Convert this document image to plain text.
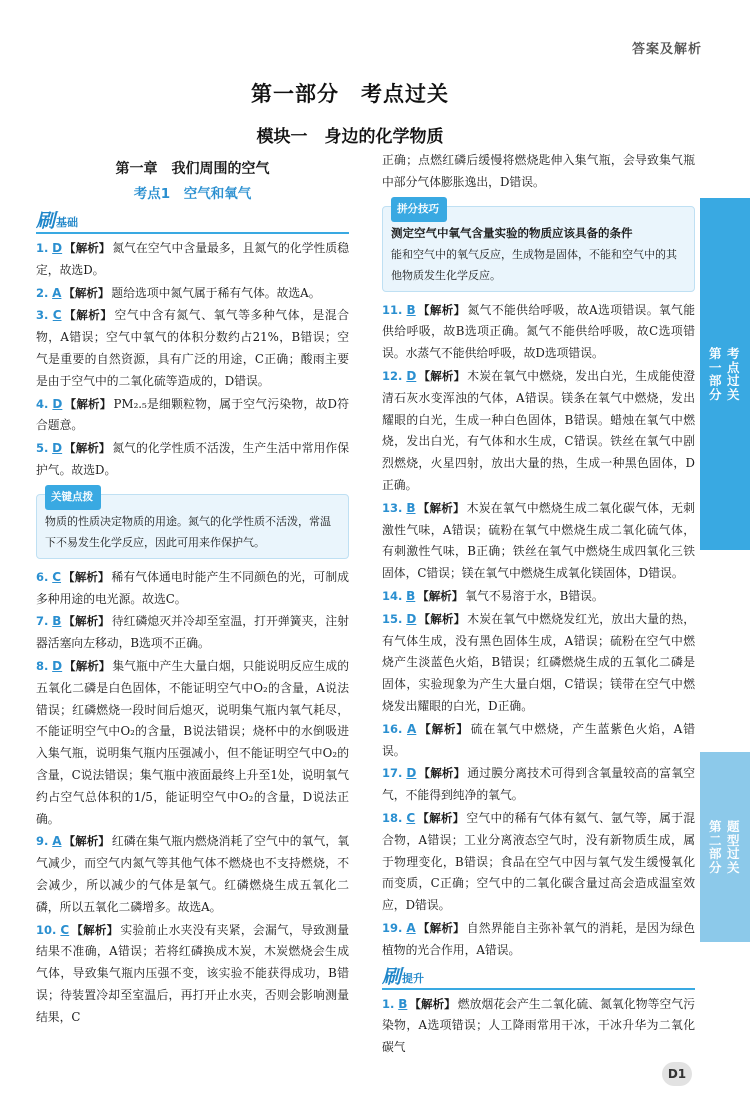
答案及解析
第
一
部
分
考
点
过
关
第
二
部
分
题
型
过
关
第一部分　考点过关
模块一　身边的化学物质
第一章　我们周围的空气
考点1　空气和氧气
刷 基础
1. D 【解析】 氮气在空气中含量最多，且氮气的化学性质稳定，故选D。
2. A 【解析】 题给选项中氮气属于稀有气体。故选A。
3. C 【解析】 空气中含有氮气、氧气等多种气体，是混合物，A错误；空气中氧气的体积分数约占21%，B错误；空气是重要的自然资源，具有广泛的用途，C正确；酸雨主要是由于空气中的二氧化硫等造成的，D错误。
4. D 【解析】 PM₂.₅是细颗粒物，属于空气污染物，故D符合题意。
5. D 【解析】 氮气的化学性质不活泼，生产生活中常用作保护气。故选D。
关键点拨
物质的性质决定物质的用途。氮气的化学性质不活泼，常温下不易发生化学反应，因此可用来作保护气。
6. C 【解析】 稀有气体通电时能产生不同颜色的光，可制成多种用途的电光源。故选C。
7. B 【解析】 待红磷熄灭并冷却至室温，打开弹簧夹，注射器活塞向左移动，B选项不正确。
8. D 【解析】 集气瓶中产生大量白烟，只能说明反应生成的五氧化二磷是白色固体，不能证明空气中O₂的含量，A说法错误；红磷燃烧一段时间后熄灭，说明集气瓶内氧气耗尽，不能证明空气中O₂的含量，B说法错误；烧杯中的水倒吸进入集气瓶，说明集气瓶内压强减小，但不能证明空气中O₂的含量，C说法错误；集气瓶中液面最终上升至1处，说明氧气约占空气总体积的1/5，能证明空气中O₂的含量，D说法正确。
9. A 【解析】 红磷在集气瓶内燃烧消耗了空气中的氧气，氧气减少，而空气内氮气等其他气体不燃烧也不支持燃烧，不会减少，所以减少的气体是氧气。红磷燃烧生成五氧化二磷，所以五氧化二磷增多。故选A。
10. C 【解析】 实验前止水夹没有夹紧，会漏气，导致测量结果不准确，A错误；若将红磷换成木炭，木炭燃烧会生成气体，导致集气瓶内压强不变，该实验不能获得成功，B错误；待装置冷却至室温后，再打开止水夹，否则会影响测量结果，C
正确；点燃红磷后缓慢将燃烧匙伸入集气瓶，会导致集气瓶中部分气体膨胀逸出，D错误。
拼分技巧
测定空气中氧气含量实验的物质应该具备的条件
能和空气中的氧气反应，生成物是固体，不能和空气中的其他物质发生化学反应。
11. B 【解析】 氮气不能供给呼吸，故A选项错误。氧气能供给呼吸，故B选项正确。氮气不能供给呼吸，故C选项错误。水蒸气不能供给呼吸，故D选项错误。
12. D 【解析】 木炭在氧气中燃烧，发出白光，生成能使澄清石灰水变浑浊的气体，A错误。镁条在氧气中燃烧，发出耀眼的白光，生成一种白色固体，B错误。蜡烛在氧气中燃烧，发出白光，有气体和水生成，C错误。铁丝在氧气中剧烈燃烧，火星四射，放出大量的热，生成一种黑色固体，D正确。
13. B 【解析】 木炭在氧气中燃烧生成二氧化碳气体，无刺激性气味，A错误；硫粉在氧气中燃烧生成二氧化硫气体，有刺激性气味，B正确；铁丝在氧气中燃烧生成四氧化三铁固体，C错误；镁在氧气中燃烧生成氧化镁固体，D错误。
14. B 【解析】 氧气不易溶于水，B错误。
15. D 【解析】 木炭在氧气中燃烧发红光，放出大量的热，有气体生成，没有黑色固体生成，A错误；硫粉在空气中燃烧产生淡蓝色火焰，B错误；红磷燃烧生成的五氧化二磷是固体，实验现象为产生大量白烟，C错误；镁带在空气中燃烧发出耀眼的白光，D正确。
16. A 【解析】 硫在氧气中燃烧，产生蓝紫色火焰，A错误。
17. D 【解析】 通过膜分离技术可得到含氧量较高的富氧空气，不能得到纯净的氧气。
18. C 【解析】 空气中的稀有气体有氦气、氩气等，属于混合物，A错误；工业分离液态空气时，没有新物质生成，属于物理变化，B错误；食品在空气中因与氧气发生缓慢氧化而变质，C正确；空气中的二氧化碳含量过高会造成温室效应，D错误。
19. A 【解析】 自然界能自主弥补氧气的消耗，是因为绿色植物的光合作用，A错误。
刷 提升
1. B 【解析】 燃放烟花会产生二氧化硫、氮氧化物等空气污染物，A选项错误；人工降雨常用干冰，干冰升华为二氧化碳气
D1
